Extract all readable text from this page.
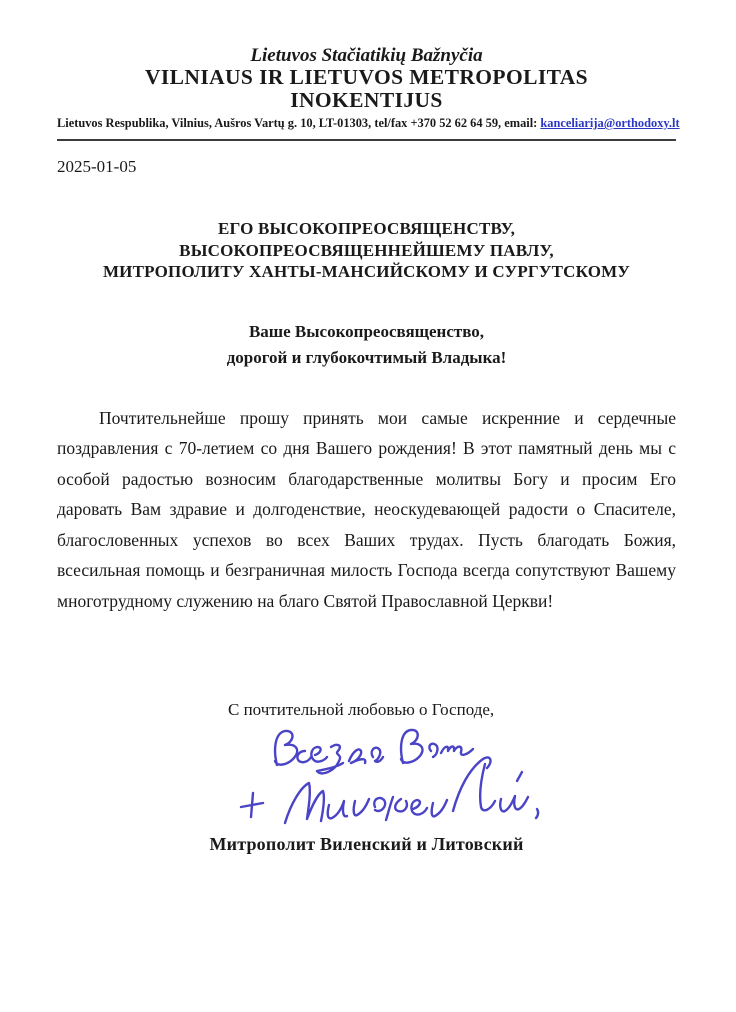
Lietuvos Stačiatikių Bažnyčia
VILNIAUS IR LIETUVOS METROPOLITAS
INOKENTIJUS
Lietuvos Respublika, Vilnius, Aušros Vartų g. 10, LT-01303, tel/fax +370 52 62 64 59, email: kanceliarija@orthodoxy.lt
2025-01-05
ЕГО ВЫСОКОПРЕОСВЯЩЕНСТВУ,
ВЫСОКОПРЕОСВЯЩЕННЕЙШЕМУ ПАВЛУ,
МИТРОПОЛИТУ ХАНТЫ-МАНСИЙСКОМУ И СУРГУТСКОМУ
Ваше Высокопреосвященство,
дорогой и глубокочтимый Владыка!

Почтительнейше прошу принять мои самые искренние и сердечные поздравления с 70-летием со дня Вашего рождения! В этот памятный день мы с особой радостью возносим благодарственные молитвы Богу и просим Его даровать Вам здравие и долгоденствие, неоскудевающей радости о Спасителе, благословенных успехов во всех Ваших трудах. Пусть благодать Божия, всесильная помощь и безграничная милость Господа всегда сопутствуют Вашему многотрудному служению на благо Святой Православной Церкви!

С почтительной любовью о Господе,
Митрополит Виленский и Литовский
